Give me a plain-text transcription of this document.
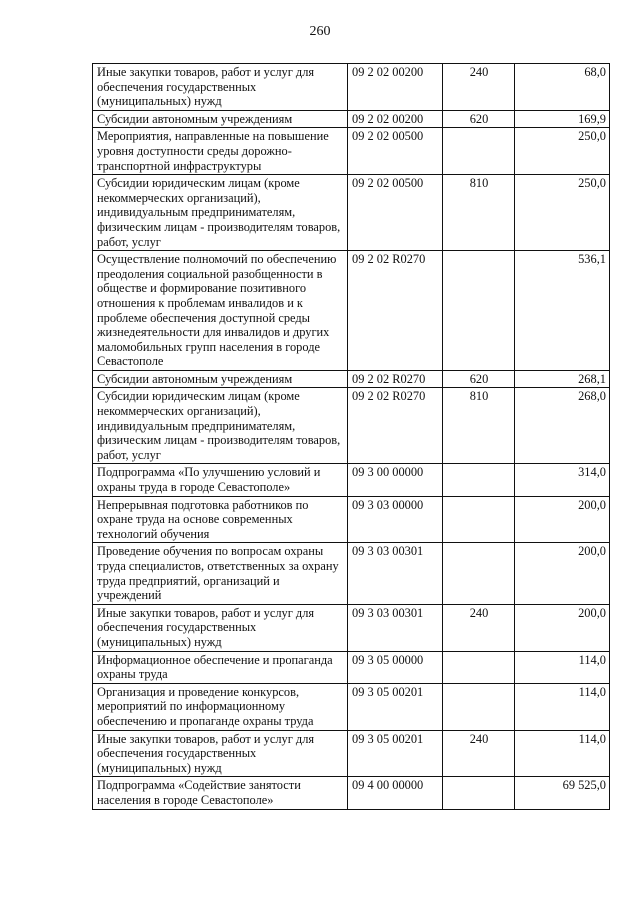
260
Иные закупки товаров, работ и услуг для обеспечения государственных (муниципальных) нужд	09 2 02 00200	240	68,0
Субсидии автономным учреждениям	09 2 02 00200	620	169,9
Мероприятия, направленные на повышение уровня доступности среды дорожно-транспортной инфраструктуры	09 2 02 00500		250,0
Субсидии юридическим лицам (кроме некоммерческих организаций), индивидуальным предпринимателям, физическим лицам - производителям товаров, работ, услуг	09 2 02 00500	810	250,0
Осуществление полномочий по обеспечению преодоления социальной разобщенности в обществе и формирование позитивного отношения к проблемам инвалидов и к проблеме обеспечения доступной среды жизнедеятельности для инвалидов и других маломобильных групп населения в городе Севастополе	09 2 02 R0270		536,1
Субсидии автономным учреждениям	09 2 02 R0270	620	268,1
Субсидии юридическим лицам (кроме некоммерческих организаций), индивидуальным предпринимателям, физическим лицам - производителям товаров, работ, услуг	09 2 02 R0270	810	268,0
Подпрограмма «По улучшению условий и охраны труда в городе Севастополе»	09 3 00 00000		314,0
Непрерывная подготовка работников по охране труда на основе современных технологий обучения	09 3 03 00000		200,0
Проведение обучения по вопросам охраны труда специалистов, ответственных за охрану труда предприятий, организаций и учреждений	09 3 03 00301		200,0
Иные закупки товаров, работ и услуг для обеспечения государственных (муниципальных) нужд	09 3 03 00301	240	200,0
Информационное обеспечение и пропаганда охраны труда	09 3 05 00000		114,0
Организация и проведение конкурсов, мероприятий по информационному обеспечению и пропаганде охраны труда	09 3 05 00201		114,0
Иные закупки товаров, работ и услуг для обеспечения государственных (муниципальных) нужд	09 3 05 00201	240	114,0
Подпрограмма «Содействие занятости населения в городе Севастополе»	09 4 00 00000		69 525,0
